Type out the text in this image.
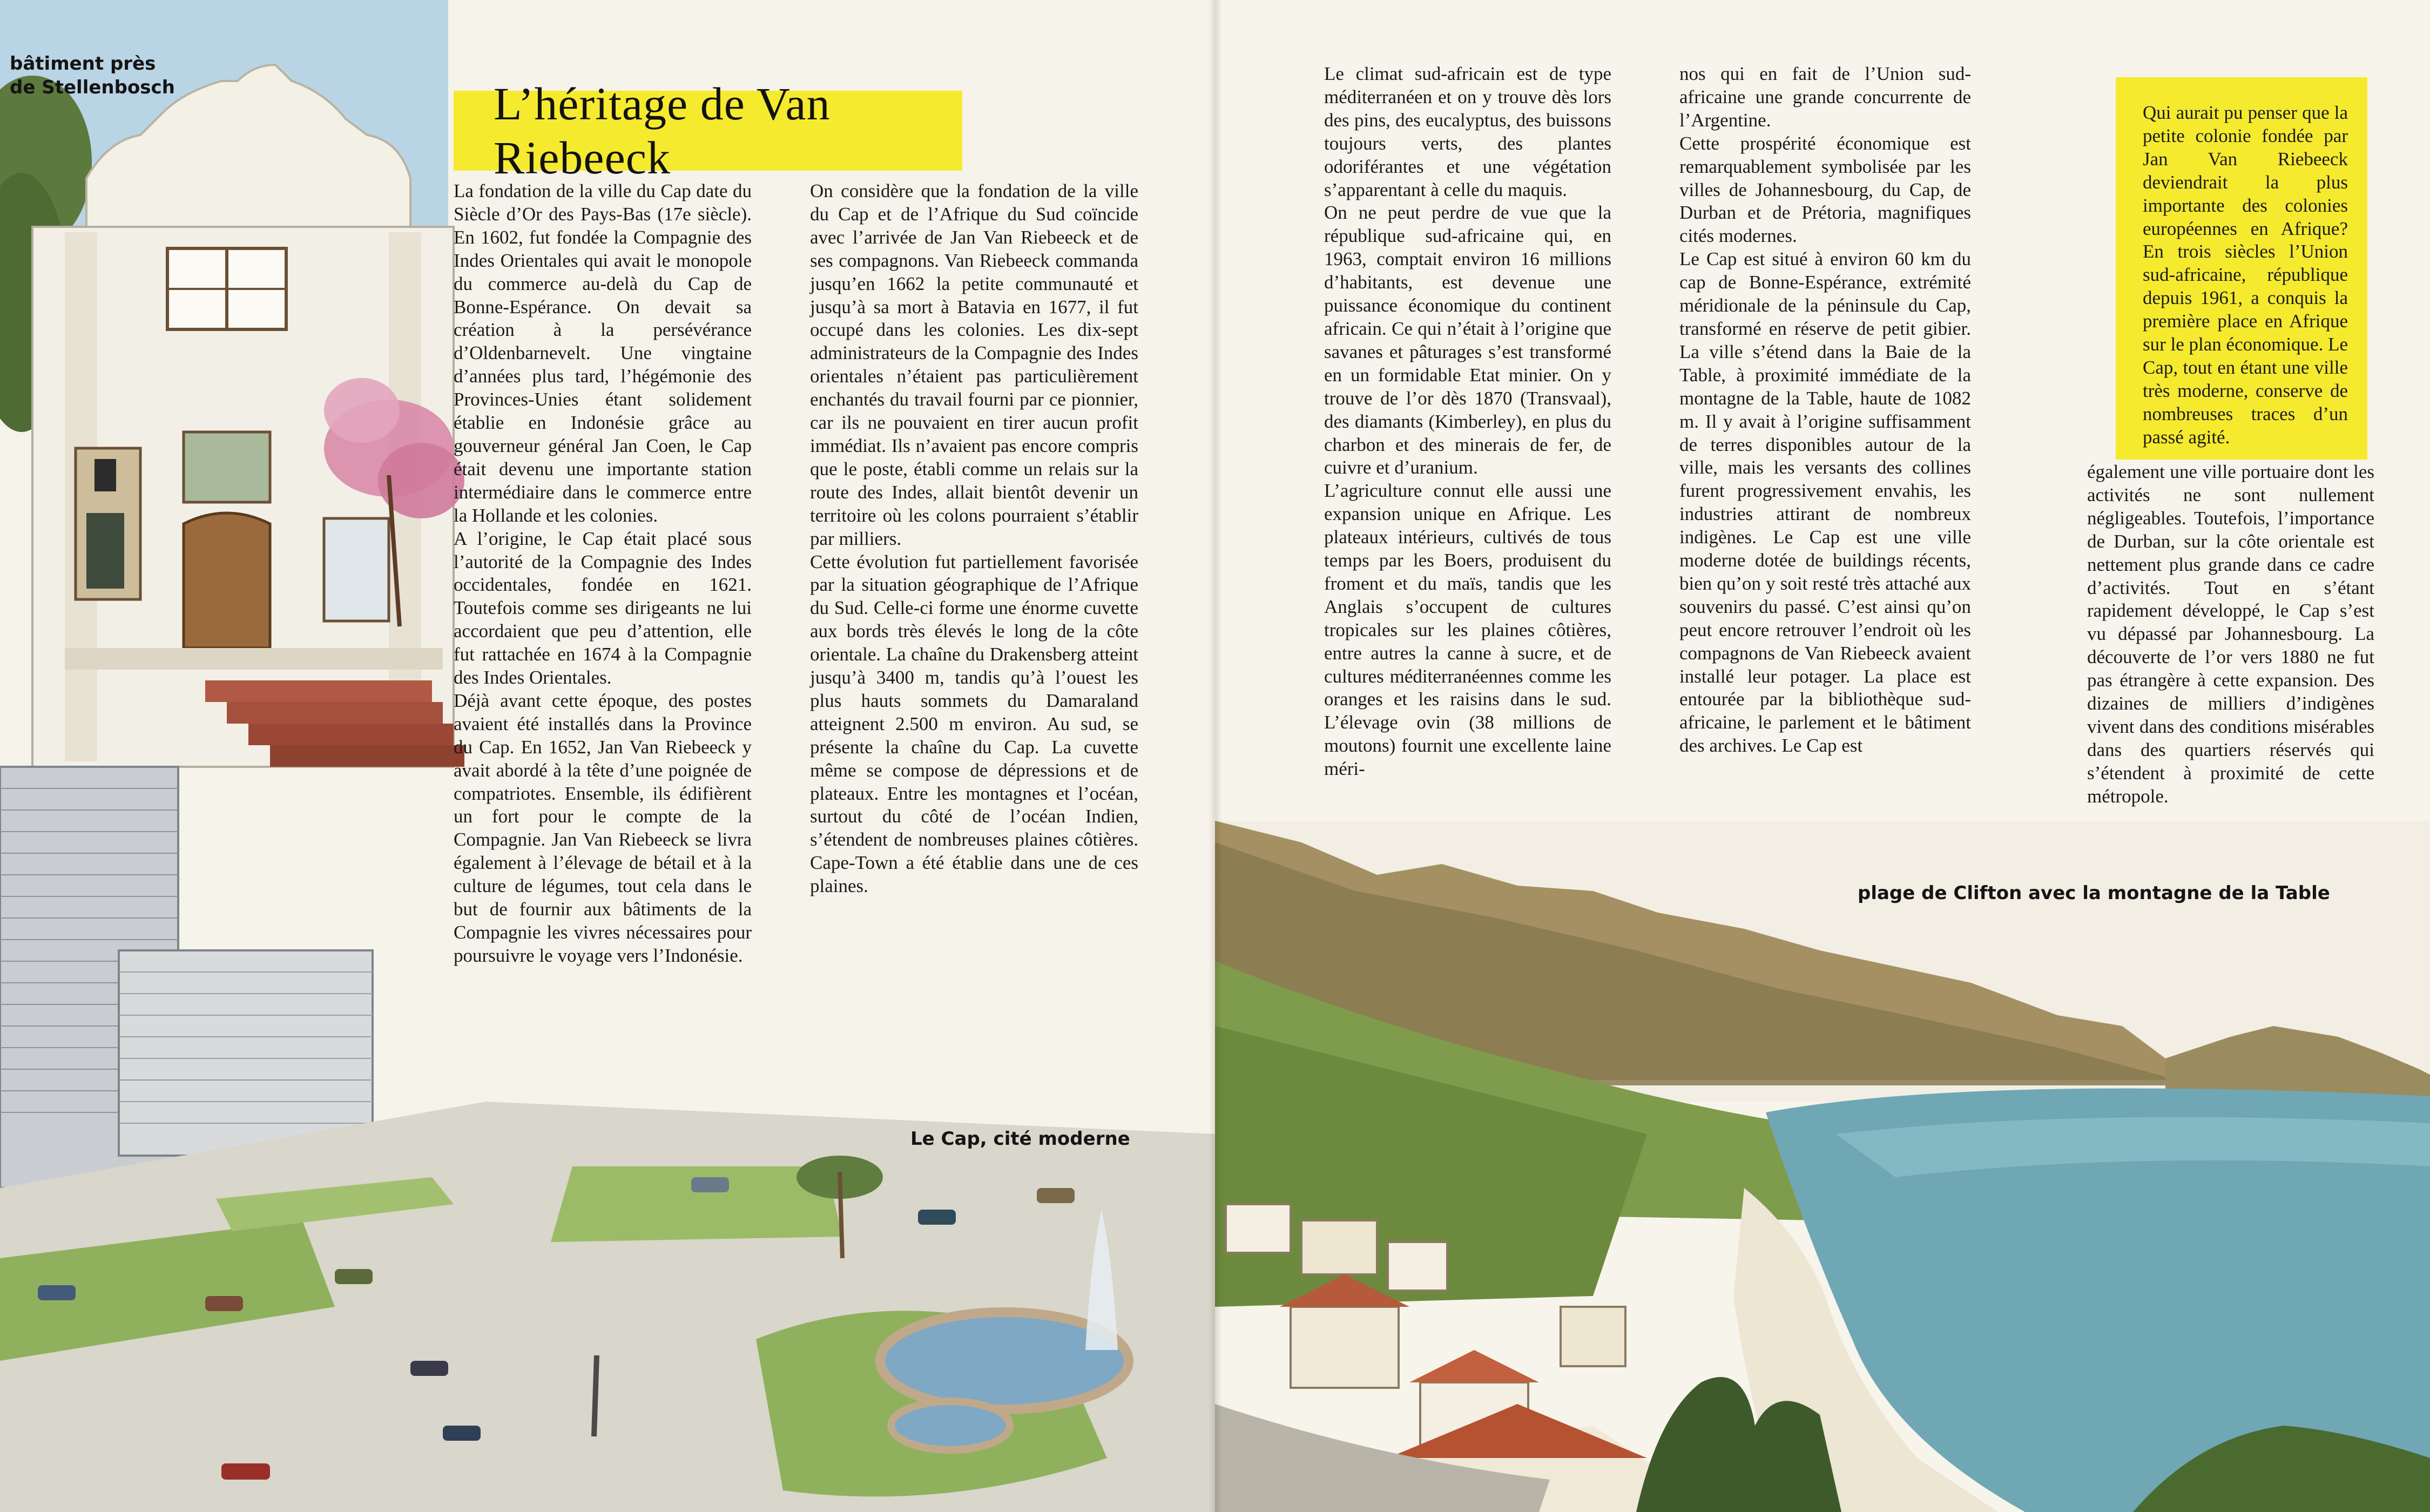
bâtiment près
de Stellenbosch	L’héritage de Van Riebeeck

La fondation de la ville du Cap date du Siècle d’Or des Pays-Bas (17e siècle). En 1602, fut fondée la Compagnie des Indes Orientales qui avait le monopole du commerce au-delà du Cap de Bonne-Espérance. On devait sa création à la persévérance d’Oldenbarnevelt. Une vingtaine d’années plus tard, l’hégémonie des Provinces-Unies étant solidement établie en Indonésie grâce au gouverneur général Jan Coen, le Cap était devenu une importante station intermédiaire dans le commerce entre la Hollande et les colonies.

A l’origine, le Cap était placé sous l’autorité de la Compagnie des Indes occidentales, fondée en 1621. Toutefois comme ses dirigeants ne lui accordaient que peu d’attention, elle fut rattachée en 1674 à la Compagnie des Indes Orientales.

Déjà avant cette époque, des postes avaient été installés dans la Province du Cap. En 1652, Jan Van Riebeeck y avait abordé à la tête d’une poignée de compatriotes. Ensemble, ils édifièrent un fort pour le compte de la Compagnie. Jan Van Riebeeck se livra également à l’élevage de bétail et à la culture de légumes, tout cela dans le but de fournir aux bâtiments de la Compagnie les vivres nécessaires pour poursuivre le voyage vers l’Indonésie.

On considère que la fondation de la ville du Cap et de l’Afrique du Sud coïncide avec l’arrivée de Jan Van Riebeeck et de ses compagnons. Van Riebeeck commanda jusqu’en 1662 la petite communauté et jusqu’à sa mort à Batavia en 1677, il fut occupé dans les colonies. Les dix-sept administrateurs de la Compagnie des Indes orientales n’étaient pas particulièrement enchantés du travail fourni par ce pionnier, car ils ne pouvaient en tirer aucun profit immédiat. Ils n’avaient pas encore compris que le poste, établi comme un relais sur la route des Indes, allait bientôt devenir un territoire où les colons pourraient s’établir par milliers.

Cette évolution fut partiellement favorisée par la situation géographique de l’Afrique du Sud. Celle-ci forme une énorme cuvette aux bords très élevés le long de la côte orientale. La chaîne du Drakensberg atteint jusqu’à 3400 m, tandis qu’à l’ouest les plus hauts sommets du Damaraland atteignent 2.500 m environ. Au sud, se présente la chaîne du Cap. La cuvette même se compose de dépressions et de plateaux. Entre les montagnes et l’océan, surtout du côté de l’océan Indien, s’étendent de nombreuses plaines côtières. Cape-Town a été établie dans une de ces plaines.

Le Cap, cité moderne

Le climat sud-africain est de type méditerranéen et on y trouve dès lors des pins, des eucalyptus, des buissons toujours verts, des plantes odoriférantes et une végétation s’apparentant à celle du maquis.

On ne peut perdre de vue que la république sud-africaine qui, en 1963, comptait environ 16 millions d’habitants, est devenue une puissance économique du continent africain. Ce qui n’était à l’origine que savanes et pâturages s’est transformé en un formidable Etat minier. On y trouve de l’or dès 1870 (Transvaal), des diamants (Kimberley), en plus du charbon et des minerais de fer, de cuivre et d’uranium.

L’agriculture connut elle aussi une expansion unique en Afrique. Les plateaux intérieurs, cultivés de tous temps par les Boers, produisent du froment et du maïs, tandis que les Anglais s’occupent de cultures tropicales sur les plaines côtières, entre autres la canne à sucre, et de cultures méditerranéennes comme les oranges et les raisins dans le sud. L’élevage ovin (38 millions de moutons) fournit une excellente laine méri-

nos qui en fait de l’Union sud-africaine une grande concurrente de l’Argentine.

Cette prospérité économique est remarquablement symbolisée par les villes de Johannesbourg, du Cap, de Durban et de Prétoria, magnifiques cités modernes.

Le Cap est situé à environ 60 km du cap de Bonne-Espérance, extrémité méridionale de la péninsule du Cap, transformé en réserve de petit gibier. La ville s’étend dans la Baie de la Table, à proximité immédiate de la montagne de la Table, haute de 1082 m. Il y avait à l’origine suffisamment de terres disponibles autour de la ville, mais les versants des collines furent progressivement envahis, les industries attirant de nombreux indigènes. Le Cap est une ville moderne dotée de buildings récents, bien qu’on y soit resté très attaché aux souvenirs du passé. C’est ainsi qu’on peut encore retrouver l’endroit où les compagnons de Van Riebeeck avaient installé leur potager. La place est entourée par la bibliothèque sud-africaine, le parlement et le bâtiment des archives. Le Cap est

Qui aurait pu penser que la petite colonie fondée par Jan Van Riebeeck deviendrait la plus importante des colonies européennes en Afrique? En trois siècles l’Union sud-africaine, république depuis 1961, a conquis la première place en Afrique sur le plan économique. Le Cap, tout en étant une ville très moderne, conserve de nombreuses traces d’un passé agité.

également une ville portuaire dont les activités ne sont nullement négligeables. Toutefois, l’importance de Durban, sur la côte orientale est nettement plus grande dans ce cadre d’activités. Tout en s’étant rapidement développé, le Cap s’est vu dépassé par Johannesbourg. La découverte de l’or vers 1880 ne fut pas étrangère à cette expansion. Des dizaines de milliers d’indigènes vivent dans des conditions misérables dans des quartiers réservés qui s’étendent à proximité de cette métropole.

plage de Clifton avec la montagne de la Table
